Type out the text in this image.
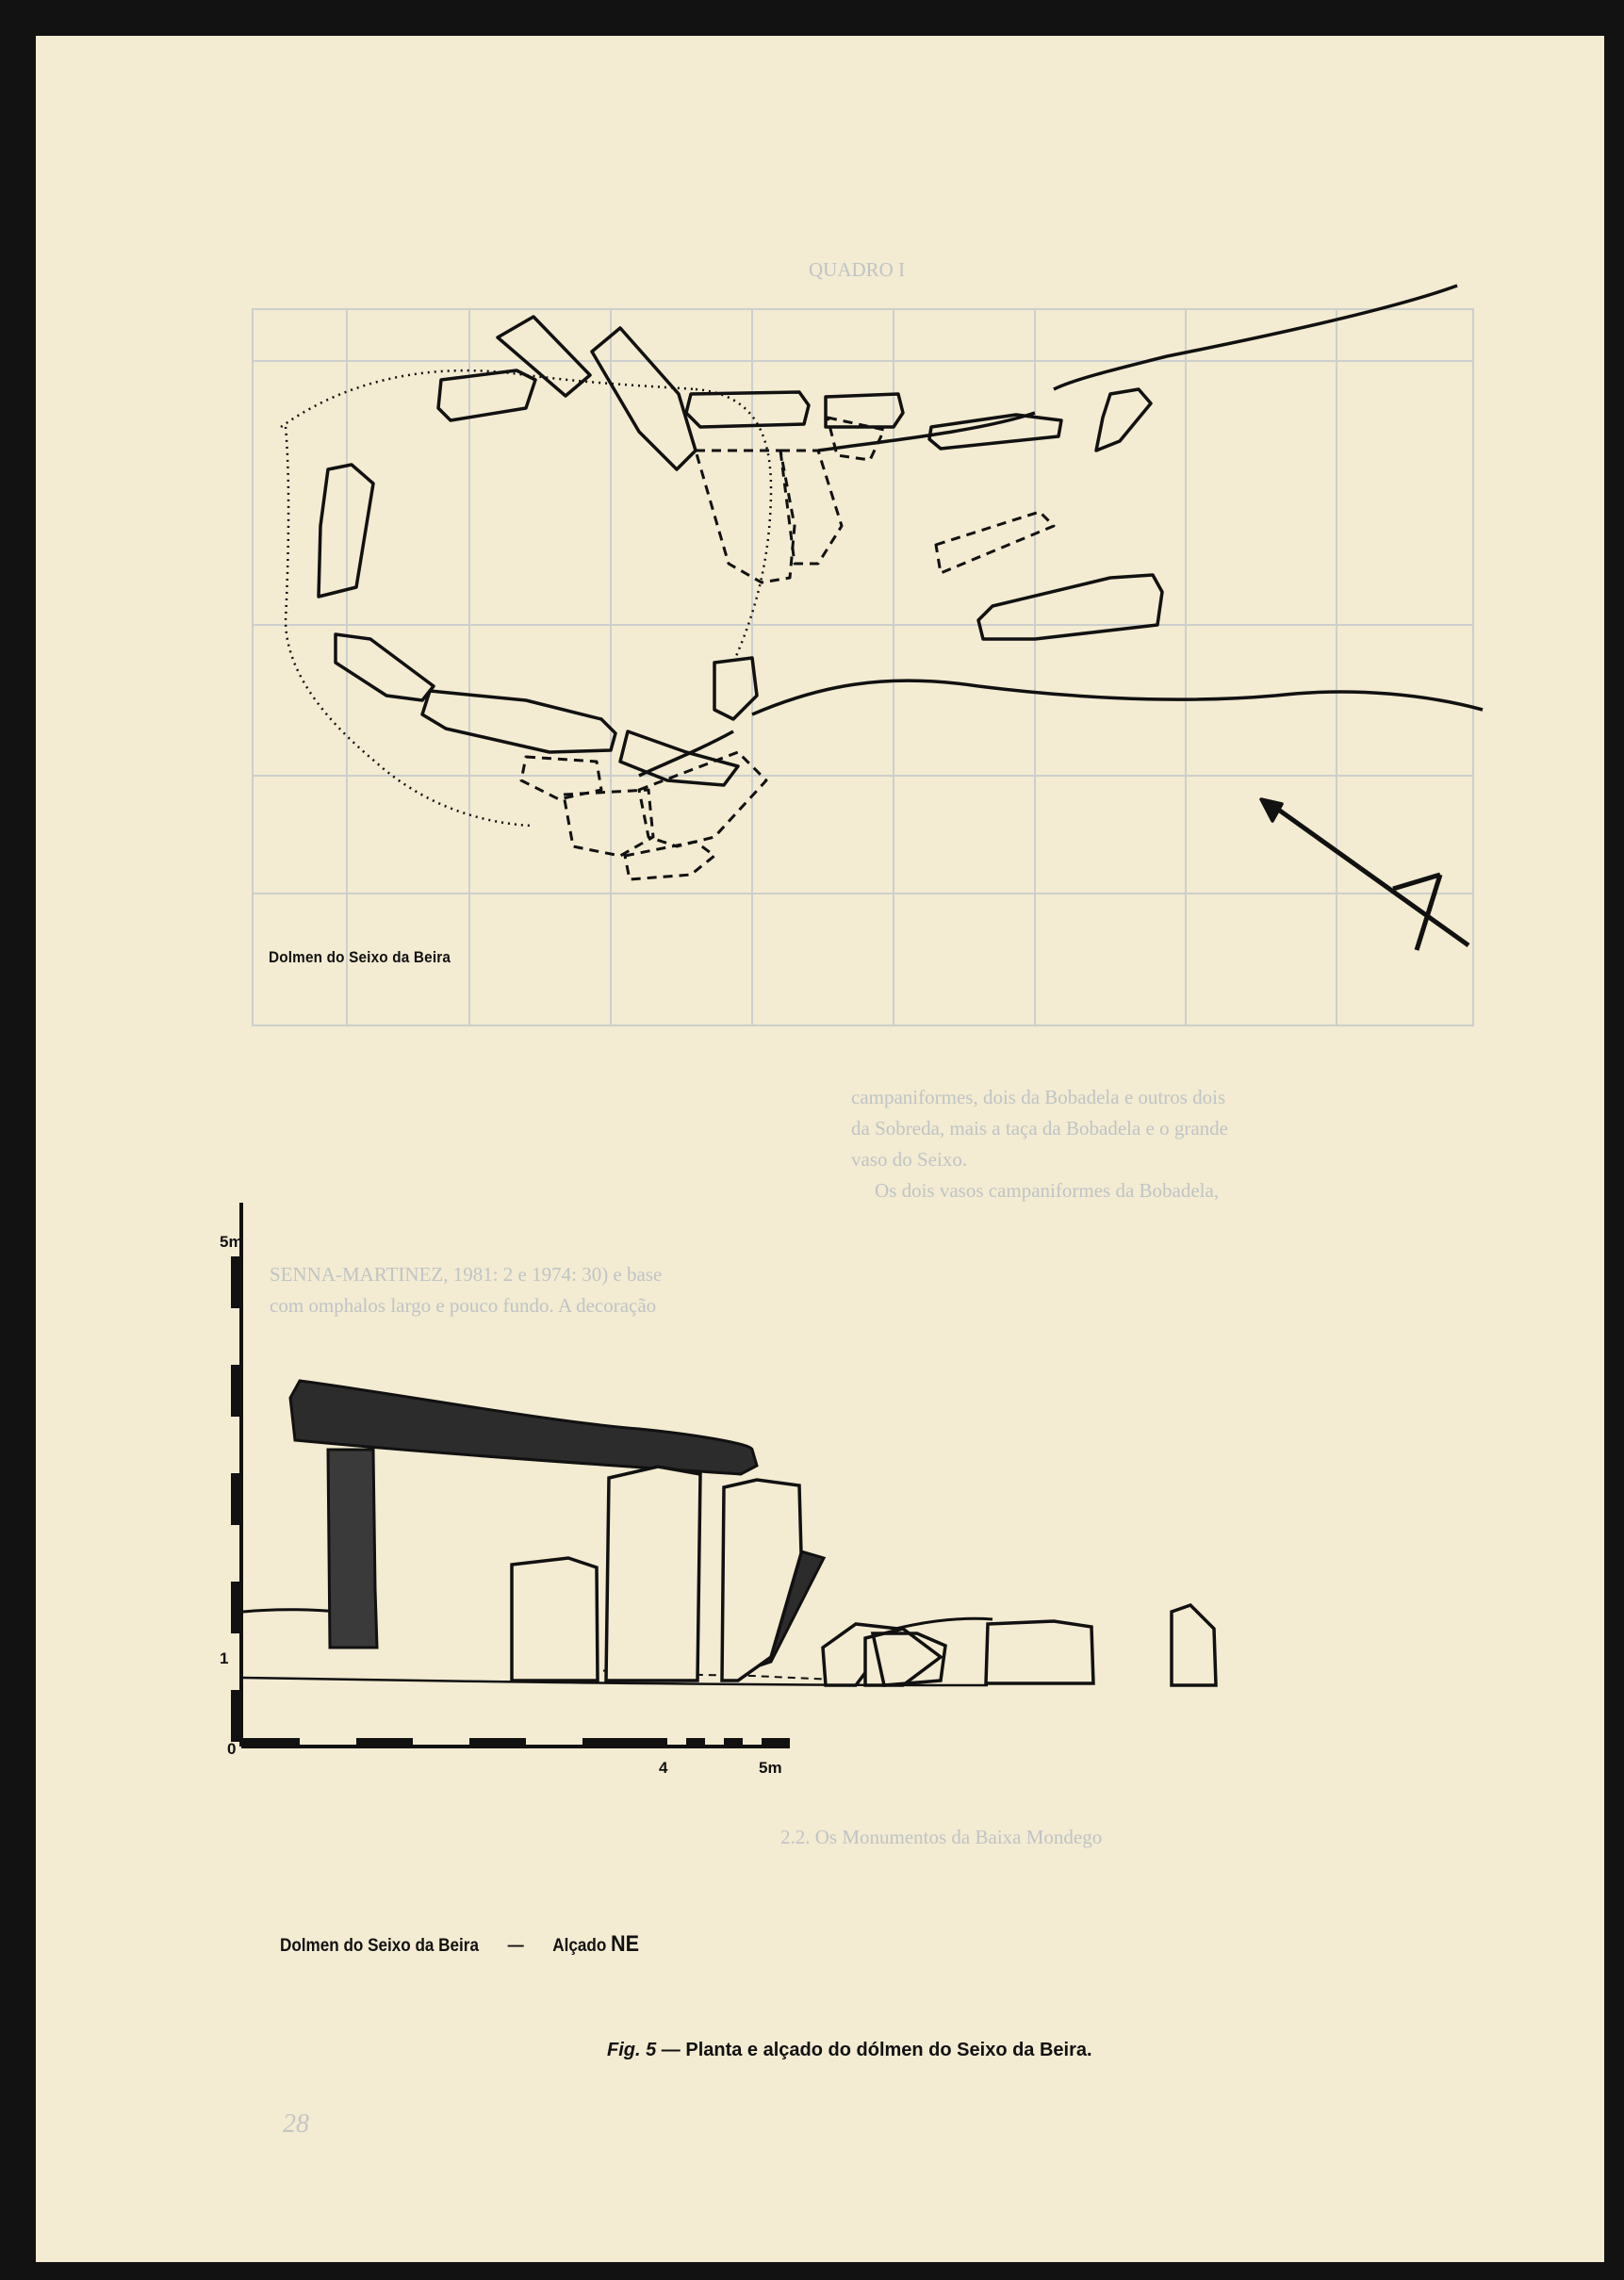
QUADRO I
campaniformes, dois da Bobadela e outros dois
da Sobreda, mais a taça da Bobadela e o grande
vaso do Seixo.
Os dois vasos campaniformes da Bobadela,
SENNA-MARTINEZ, 1981: 2 e 1974: 30) e base
com omphalos largo e pouco fundo. A decoração
2.2. Os Monumentos da Baixa Mondego
28
Dolmen do Seixo da Beira
5m
1
0
4	5m
Dolmen do Seixo da Beira — Alçado NE
Fig. 5 — Planta e alçado do dólmen do Seixo da Beira.
